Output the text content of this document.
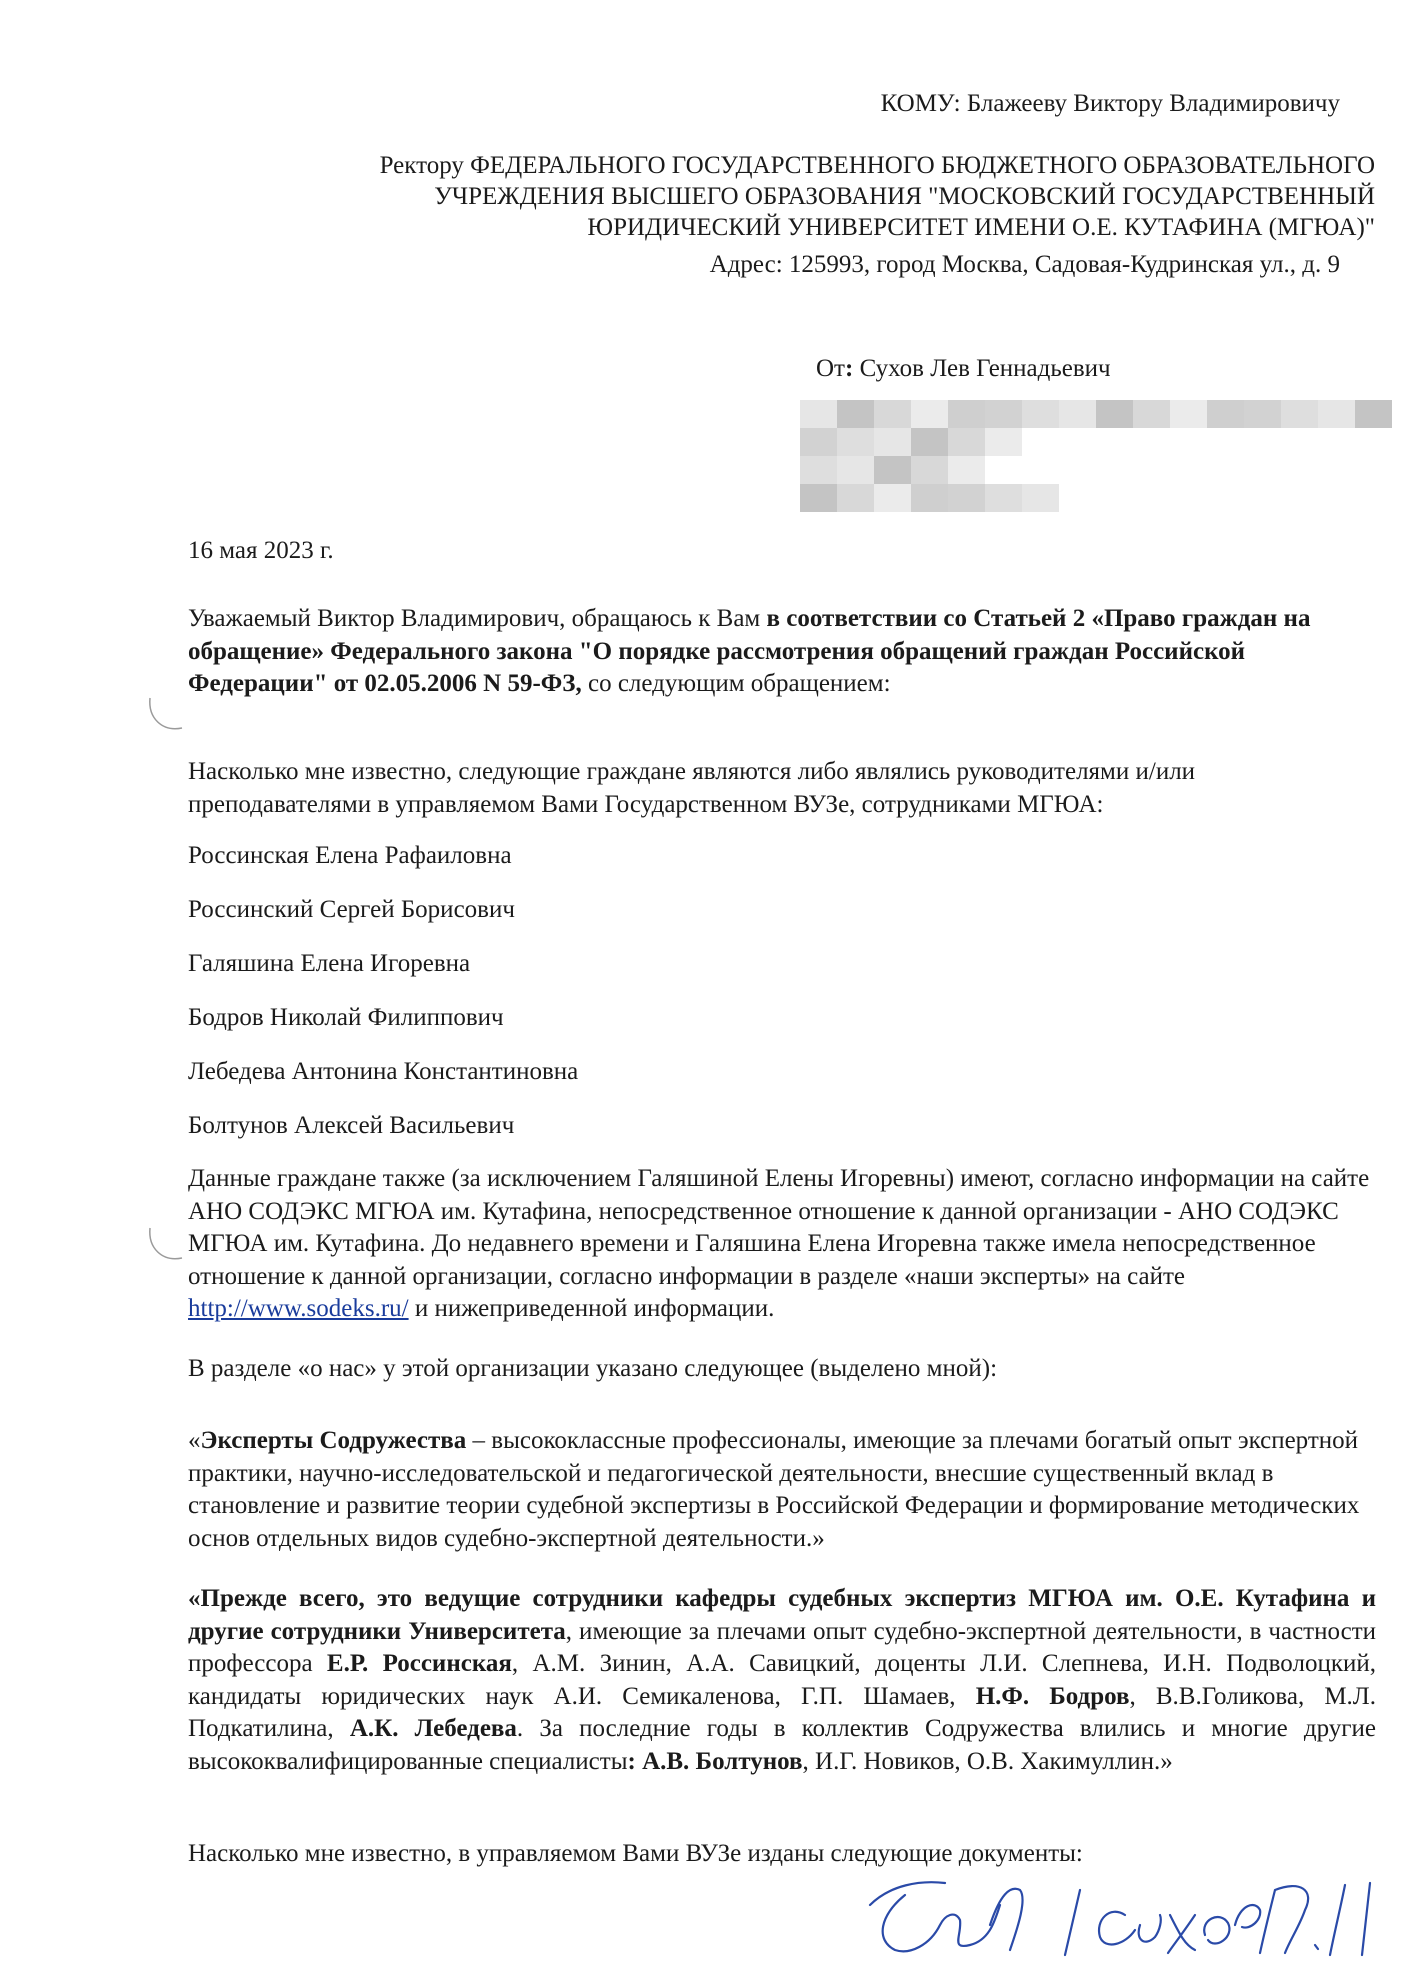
КОМУ: Блажееву Виктору Владимировичу
Ректору ФЕДЕРАЛЬНОГО ГОСУДАРСТВЕННОГО БЮДЖЕТНОГО ОБРАЗОВАТЕЛЬНОГО
УЧРЕЖДЕНИЯ ВЫСШЕГО ОБРАЗОВАНИЯ "МОСКОВСКИЙ ГОСУДАРСТВЕННЫЙ
ЮРИДИЧЕСКИЙ УНИВЕРСИТЕТ ИМЕНИ О.Е. КУТАФИНА (МГЮА)"
Адрес: 125993, город Москва, Садовая-Кудринская ул., д. 9
От: Сухов Лев Геннадьевич
16 мая 2023 г.
Уважаемый Виктор Владимирович, обращаюсь к Вам в соответствии со Статьей 2 «Право граждан на обращение» Федерального закона "О порядке рассмотрения обращений граждан Российской Федерации" от 02.05.2006 N 59-ФЗ, со следующим обращением:
Насколько мне известно, следующие граждане являются либо являлись руководителями и/или преподавателями в управляемом Вами Государственном ВУЗе, сотрудниками МГЮА:
Россинская Елена Рафаиловна
Россинский Сергей Борисович
Галяшина Елена Игоревна
Бодров Николай Филиппович
Лебедева Антонина Константиновна
Болтунов Алексей Васильевич
Данные граждане также (за исключением Галяшиной Елены Игоревны) имеют, согласно информации на сайте АНО СОДЭКС МГЮА им. Кутафина, непосредственное отношение к данной организации - АНО СОДЭКС МГЮА им. Кутафина. До недавнего времени и Галяшина Елена Игоревна также имела непосредственное отношение к данной организации, согласно информации в разделе «наши эксперты» на сайте http://www.sodeks.ru/ и нижеприведенной информации.
В разделе «о нас» у этой организации указано следующее (выделено мной):
«Эксперты Содружества – высококлассные профессионалы, имеющие за плечами богатый опыт экспертной практики, научно-исследовательской и педагогической деятельности, внесшие существенный вклад в становление и развитие теории судебной экспертизы в Российской Федерации и формирование методических основ отдельных видов судебно-экспертной деятельности.»
«Прежде всего, это ведущие сотрудники кафедры судебных экспертиз МГЮА им. О.Е. Кутафина и другие сотрудники Университета, имеющие за плечами опыт судебно-экспертной деятельности, в частности профессора Е.Р. Россинская, А.М. Зинин, А.А. Савицкий, доценты Л.И. Слепнева, И.Н. Подволоцкий, кандидаты юридических наук А.И. Семикаленова, Г.П. Шамаев, Н.Ф. Бодров, В.В.Голикова, М.Л. Подкатилина, А.К. Лебедева. За последние годы в коллектив Содружества влились и многие другие высококвалифицированные специалисты: А.В. Болтунов, И.Г. Новиков, О.В. Хакимуллин.»
Насколько мне известно, в управляемом Вами ВУЗе изданы следующие документы:
